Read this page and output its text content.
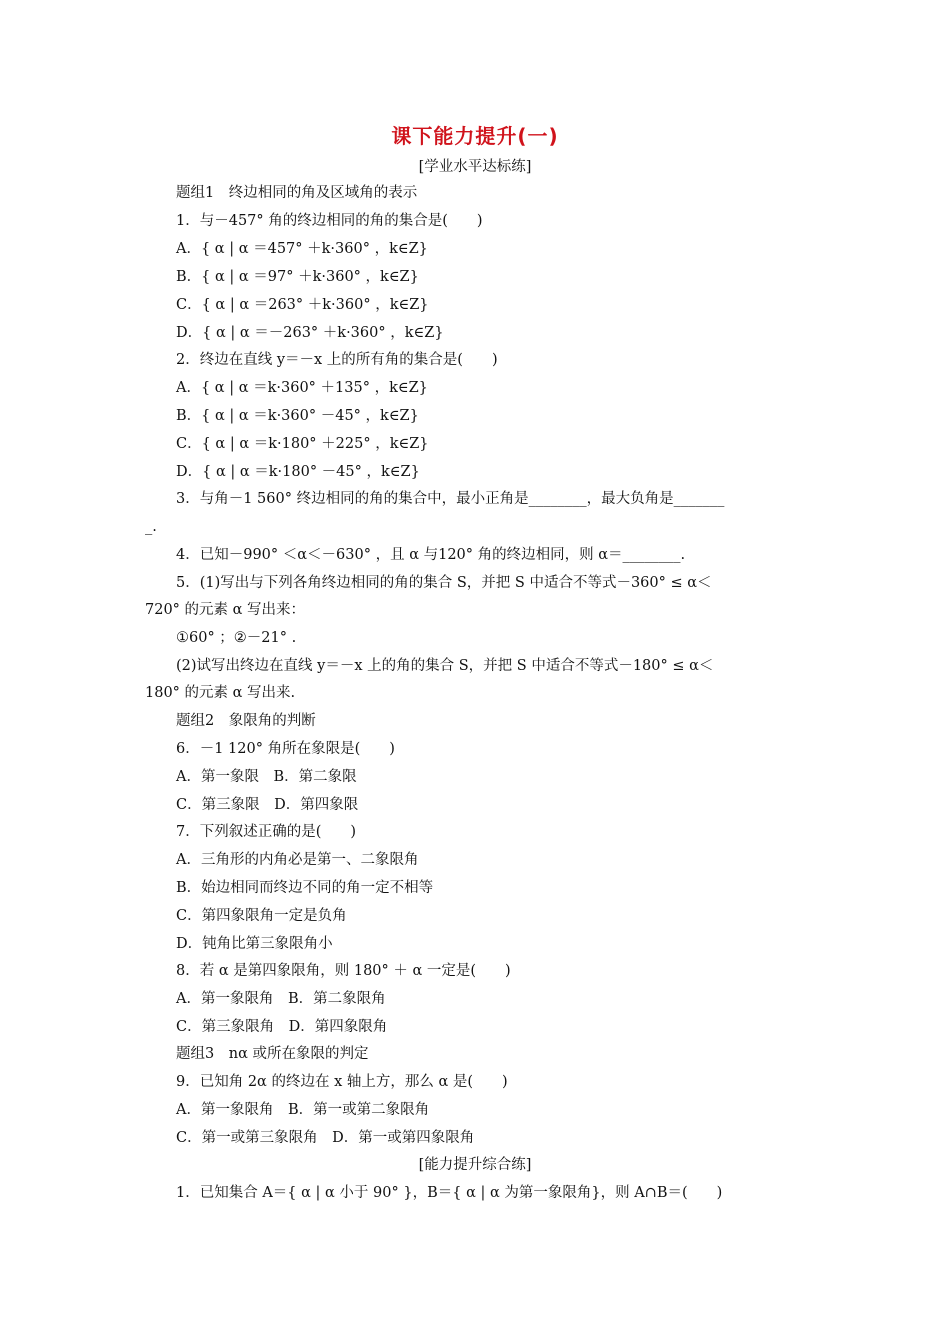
课下能力提升(一)
[学业水平达标练]
题组1　终边相同的角及区域角的表示
1．与－457° 角的终边相同的角的集合是(　　)
A．{ α | α ＝457° ＋k·360° ，k∈Z}
B．{ α | α ＝97° ＋k·360° ，k∈Z}
C．{ α | α ＝263° ＋k·360° ，k∈Z}
D．{ α | α ＝－263° ＋k·360° ，k∈Z}
2．终边在直线 y＝－x 上的所有角的集合是(　　)
A．{ α | α ＝k·360° ＋135° ，k∈Z}
B．{ α | α ＝k·360° －45° ，k∈Z}
C．{ α | α ＝k·180° ＋225° ，k∈Z}
D．{ α | α ＝k·180° －45° ，k∈Z}
3．与角－1 560° 终边相同的角的集合中，最小正角是________，最大负角是_______
_.
4．已知－990° ＜α＜－630° ，且 α 与120° 角的终边相同，则 α＝________.
5．(1)写出与下列各角终边相同的角的集合 S，并把 S 中适合不等式－360° ≤ α＜
720° 的元素 α 写出来：
①60° ；②－21° .
(2)试写出终边在直线 y＝－x 上的角的集合 S，并把 S 中适合不等式－180° ≤ α＜
180° 的元素 α 写出来.
题组2　象限角的判断
6．－1 120° 角所在象限是(　　)
A．第一象限　B．第二象限
C．第三象限　D．第四象限
7．下列叙述正确的是(　　)
A．三角形的内角必是第一、二象限角
B．始边相同而终边不同的角一定不相等
C．第四象限角一定是负角
D．钝角比第三象限角小
8．若 α 是第四象限角，则 180° ＋ α 一定是(　　)
A．第一象限角　B．第二象限角
C．第三象限角　D．第四象限角
题组3　nα 或所在象限的判定
9．已知角 2α 的终边在 x 轴上方，那么 α 是(　　)
A．第一象限角　B．第一或第二象限角
C．第一或第三象限角　D．第一或第四象限角
[能力提升综合练]
1．已知集合 A＝{ α | α 小于 90° }，B＝{ α | α 为第一象限角}，则 A∩B＝(　　)
